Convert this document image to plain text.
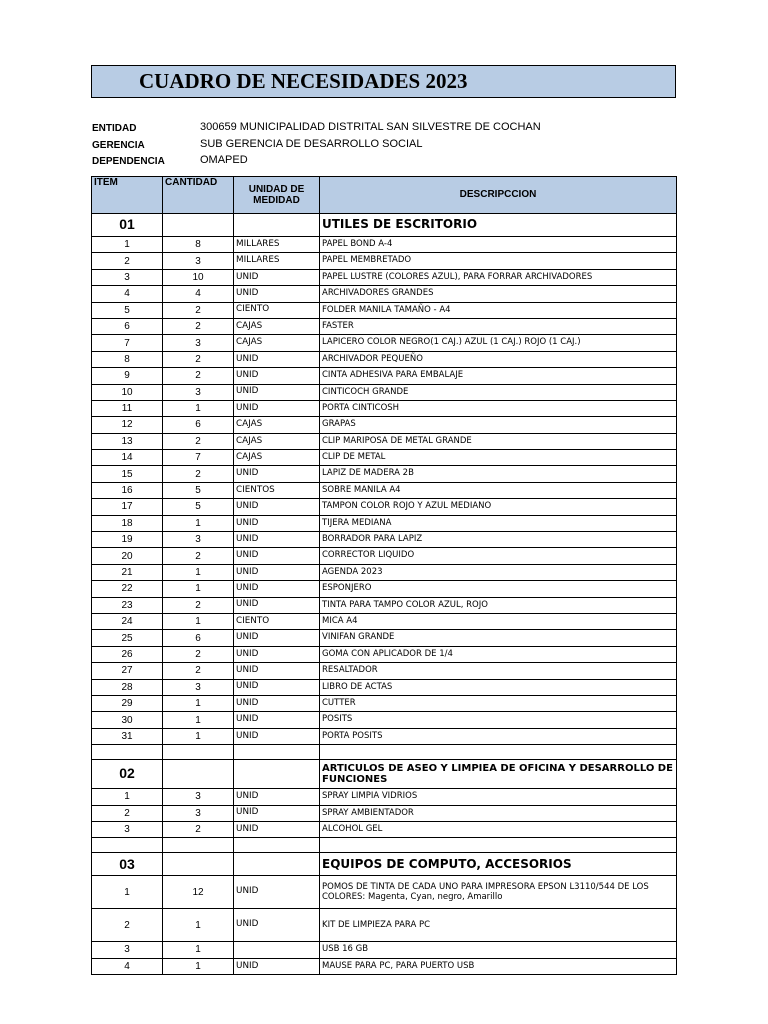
CUADRO DE NECESIDADES 2023
ENTIDAD	300659 MUNICIPALIDAD DISTRITAL SAN SILVESTRE DE COCHAN
GERENCIA	SUB GERENCIA DE DESARROLLO SOCIAL
DEPENDENCIA	OMAPED
ITEM	CANTIDAD	UNIDAD DE MEDIDAD	DESCRIPCCION
01			UTILES DE ESCRITORIO
1	8	MILLARES	PAPEL BOND A-4
2	3	MILLARES	PAPEL MEMBRETADO
3	10	UNID	PAPEL LUSTRE (COLORES AZUL), PARA FORRAR ARCHIVADORES
4	4	UNID	ARCHIVADORES GRANDES
5	2	CIENTO	FOLDER MANILA TAMAÑO - A4
6	2	CAJAS	FASTER
7	3	CAJAS	LAPICERO COLOR NEGRO(1 CAJ.) AZUL (1 CAJ.) ROJO (1 CAJ.)
8	2	UNID	ARCHIVADOR PEQUEÑO
9	2	UNID	CINTA ADHESIVA PARA EMBALAJE
10	3	UNID	CINTICOCH GRANDE
11	1	UNID	PORTA CINTICOSH
12	6	CAJAS	GRAPAS
13	2	CAJAS	CLIP MARIPOSA DE METAL GRANDE
14	7	CAJAS	CLIP DE METAL
15	2	UNID	LAPIZ DE MADERA 2B
16	5	CIENTOS	SOBRE MANILA A4
17	5	UNID	TAMPON COLOR ROJO Y AZUL MEDIANO
18	1	UNID	TIJERA MEDIANA
19	3	UNID	BORRADOR PARA LAPIZ
20	2	UNID	CORRECTOR LIQUIDO
21	1	UNID	AGENDA 2023
22	1	UNID	ESPONJERO
23	2	UNID	TINTA PARA TAMPO COLOR AZUL, ROJO
24	1	CIENTO	MICA A4
25	6	UNID	VINIFAN GRANDE
26	2	UNID	GOMA CON APLICADOR DE 1/4
27	2	UNID	RESALTADOR
28	3	UNID	LIBRO DE ACTAS
29	1	UNID	CUTTER
30	1	UNID	POSITS
31	1	UNID	PORTA POSITS

02			ARTICULOS DE ASEO Y LIMPIEA DE OFICINA Y DESARROLLO DE FUNCIONES
1	3	UNID	SPRAY LIMPIA VIDRIOS
2	3	UNID	SPRAY AMBIENTADOR
3	2	UNID	ALCOHOL GEL

03			EQUIPOS DE COMPUTO, ACCESORIOS
1	12	UNID	POMOS DE TINTA DE CADA UNO PARA IMPRESORA EPSON L3110/544 DE LOS COLORES: Magenta, Cyan, negro, Amarillo
2	1	UNID	KIT DE LIMPIEZA PARA PC
3	1		USB 16 GB
4	1	UNID	MAUSE PARA PC, PARA PUERTO USB
